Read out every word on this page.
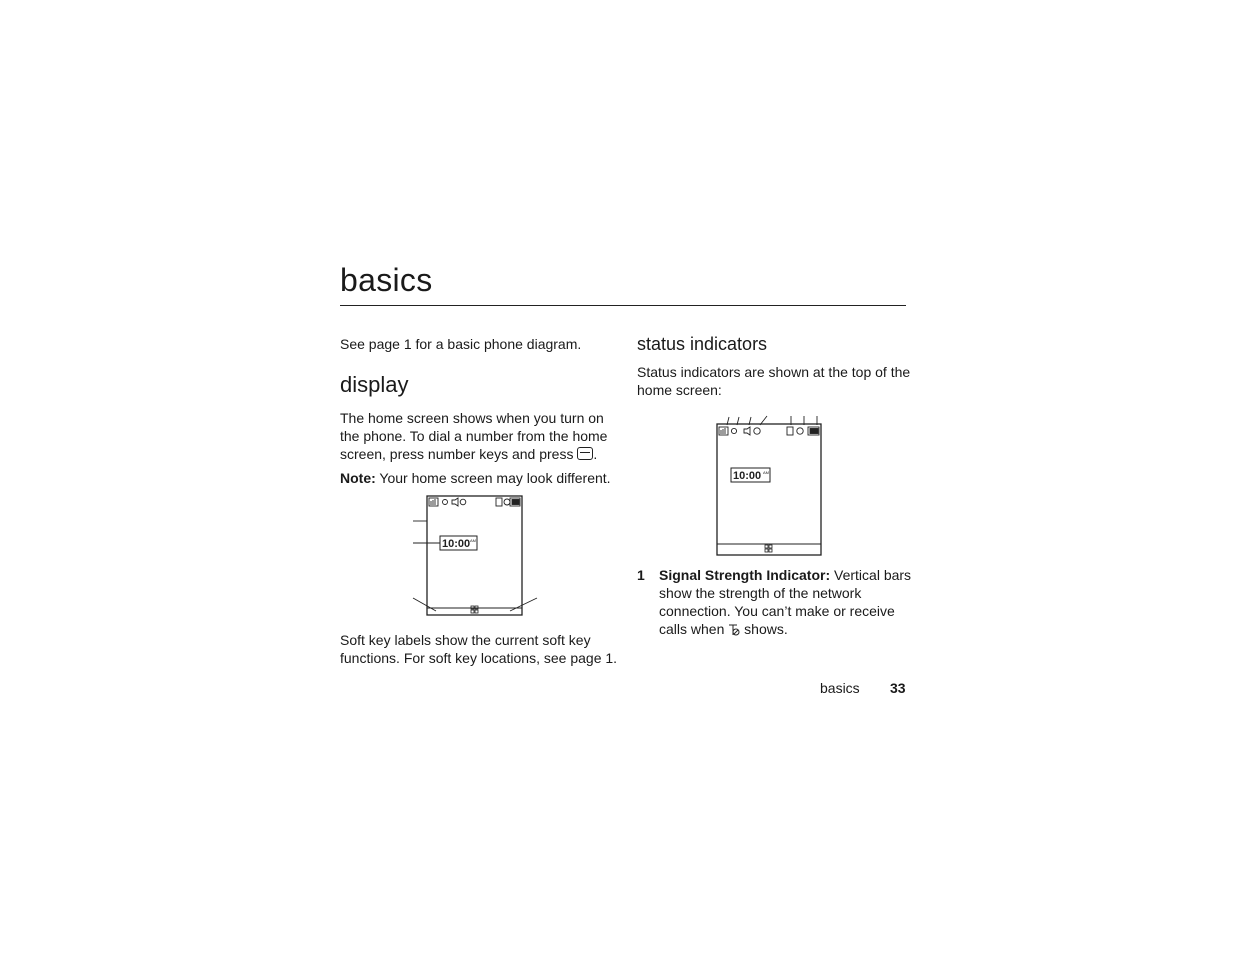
basics
See page 1 for a basic phone diagram.
display
The home screen shows when you turn on
the phone. To dial a number from the home
screen, press number keys and press .
Note: Your home screen may look different.
10:00 AM
Soft key labels show the current soft key
functions. For soft key locations, see page 1.
status indicators
Status indicators are shown at the top of the
home screen:
10:00 AM
1 Signal Strength Indicator: Vertical bars
show the strength of the network
connection. You can’t make or receive
calls when shows.
basics 33
